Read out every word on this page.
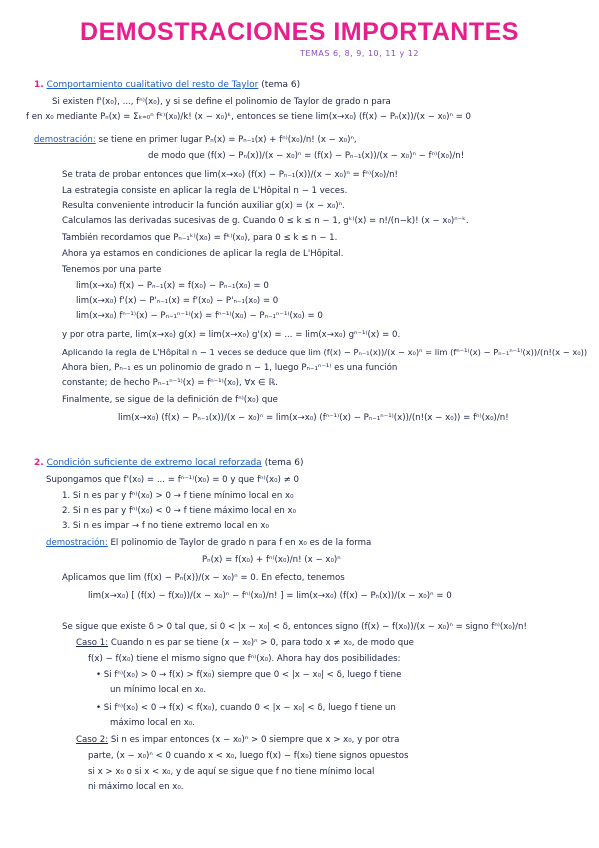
DEMOSTRACIONES IMPORTANTES
TEMAS 6, 8, 9, 10, 11 y 12
1. Comportamiento cualitativo del resto de Taylor (tema 6)
Si existen f'(x₀), ..., fⁿ⁾(x₀), y si se define el polinomio de Taylor de grado n para
f en x₀ mediante Pₙ(x) = Σₖ₌₀ⁿ fᵏ⁾(x₀)/k! (x − x₀)ᵏ, entonces se tiene lim(x→x₀) (f(x) − Pₙ(x))/(x − x₀)ⁿ = 0
demostración: se tiene en primer lugar Pₙ(x) = Pₙ₋₁(x) + fⁿ⁾(x₀)/n! (x − x₀)ⁿ,
de modo que (f(x) − Pₙ(x))/(x − x₀)ⁿ = (f(x) − Pₙ₋₁(x))/(x − x₀)ⁿ − fⁿ⁾(x₀)/n!
Se trata de probar entonces que lim(x→x₀) (f(x) − Pₙ₋₁(x))/(x − x₀)ⁿ = fⁿ⁾(x₀)/n!
La estrategia consiste en aplicar la regla de L'Hôpital n − 1 veces.
Resulta conveniente introducir la función auxiliar g(x) = (x − x₀)ⁿ.
Calculamos las derivadas sucesivas de g. Cuando 0 ≤ k ≤ n − 1, gᵏ⁾(x) = n!/(n−k)! (x − x₀)ⁿ⁻ᵏ.
También recordamos que Pₙ₋₁ᵏ⁾(x₀) = fᵏ⁾(x₀), para 0 ≤ k ≤ n − 1.
Ahora ya estamos en condiciones de aplicar la regla de L'Hôpital.
Tenemos por una parte
lim(x→x₀) f(x) − Pₙ₋₁(x) = f(x₀) − Pₙ₋₁(x₀) = 0
lim(x→x₀) f'(x) − P'ₙ₋₁(x) = f'(x₀) − P'ₙ₋₁(x₀) = 0
lim(x→x₀) fⁿ⁻¹⁾(x) − Pₙ₋₁ⁿ⁻¹⁾(x) = fⁿ⁻¹⁾(x₀) − Pₙ₋₁ⁿ⁻¹⁾(x₀) = 0
y por otra parte, lim(x→x₀) g(x) = lim(x→x₀) g'(x) = ... = lim(x→x₀) gⁿ⁻¹⁾(x) = 0.
Aplicando la regla de L'Hôpital n − 1 veces se deduce que lim (f(x) − Pₙ₋₁(x))/(x − x₀)ⁿ = lim (fⁿ⁻¹⁾(x) − Pₙ₋₁ⁿ⁻¹⁾(x))/(n!(x − x₀))
Ahora bien, Pₙ₋₁ es un polinomio de grado n − 1, luego Pₙ₋₁ⁿ⁻¹⁾ es una función
constante; de hecho Pₙ₋₁ⁿ⁻¹⁾(x) = fⁿ⁻¹⁾(x₀), ∀x ∈ ℝ.
Finalmente, se sigue de la definición de fⁿ⁾(x₀) que
lim(x→x₀) (f(x) − Pₙ₋₁(x))/(x − x₀)ⁿ = lim(x→x₀) (fⁿ⁻¹⁾(x) − Pₙ₋₁ⁿ⁻¹⁾(x))/(n!(x − x₀)) = fⁿ⁾(x₀)/n!
2. Condición suficiente de extremo local reforzada (tema 6)
Supongamos que f'(x₀) = ... = fⁿ⁻¹⁾(x₀) = 0 y que fⁿ⁾(x₀) ≠ 0
1. Si n es par y fⁿ⁾(x₀) > 0 → f tiene mínimo local en x₀
2. Si n es par y fⁿ⁾(x₀) < 0 → f tiene máximo local en x₀
3. Si n es impar → f no tiene extremo local en x₀
demostración: El polinomio de Taylor de grado n para f en x₀ es de la forma
Pₙ(x) = f(x₀) + fⁿ⁾(x₀)/n! (x − x₀)ⁿ
Aplicamos que lim (f(x) − Pₙ(x))/(x − x₀)ⁿ = 0. En efecto, tenemos
lim(x→x₀) [ (f(x) − f(x₀))/(x − x₀)ⁿ − fⁿ⁾(x₀)/n! ] = lim(x→x₀) (f(x) − Pₙ(x))/(x − x₀)ⁿ = 0
Se sigue que existe δ > 0 tal que, si 0 < |x − x₀| < δ, entonces signo (f(x) − f(x₀))/(x − x₀)ⁿ = signo fⁿ⁾(x₀)/n!
Caso 1: Cuando n es par se tiene (x − x₀)ⁿ > 0, para todo x ≠ x₀, de modo que
f(x) − f(x₀) tiene el mismo signo que fⁿ⁾(x₀). Ahora hay dos posibilidades:
• Si fⁿ⁾(x₀) > 0 → f(x) > f(x₀) siempre que 0 < |x − x₀| < δ, luego f tiene
un mínimo local en x₀.
• Si fⁿ⁾(x₀) < 0 → f(x) < f(x₀), cuando 0 < |x − x₀| < δ, luego f tiene un
máximo local en x₀.
Caso 2: Si n es impar entonces (x − x₀)ⁿ > 0 siempre que x > x₀, y por otra
parte, (x − x₀)ⁿ < 0 cuando x < x₀, luego f(x) − f(x₀) tiene signos opuestos
si x > x₀ o si x < x₀, y de aquí se sigue que f no tiene mínimo local
ni máximo local en x₀.
